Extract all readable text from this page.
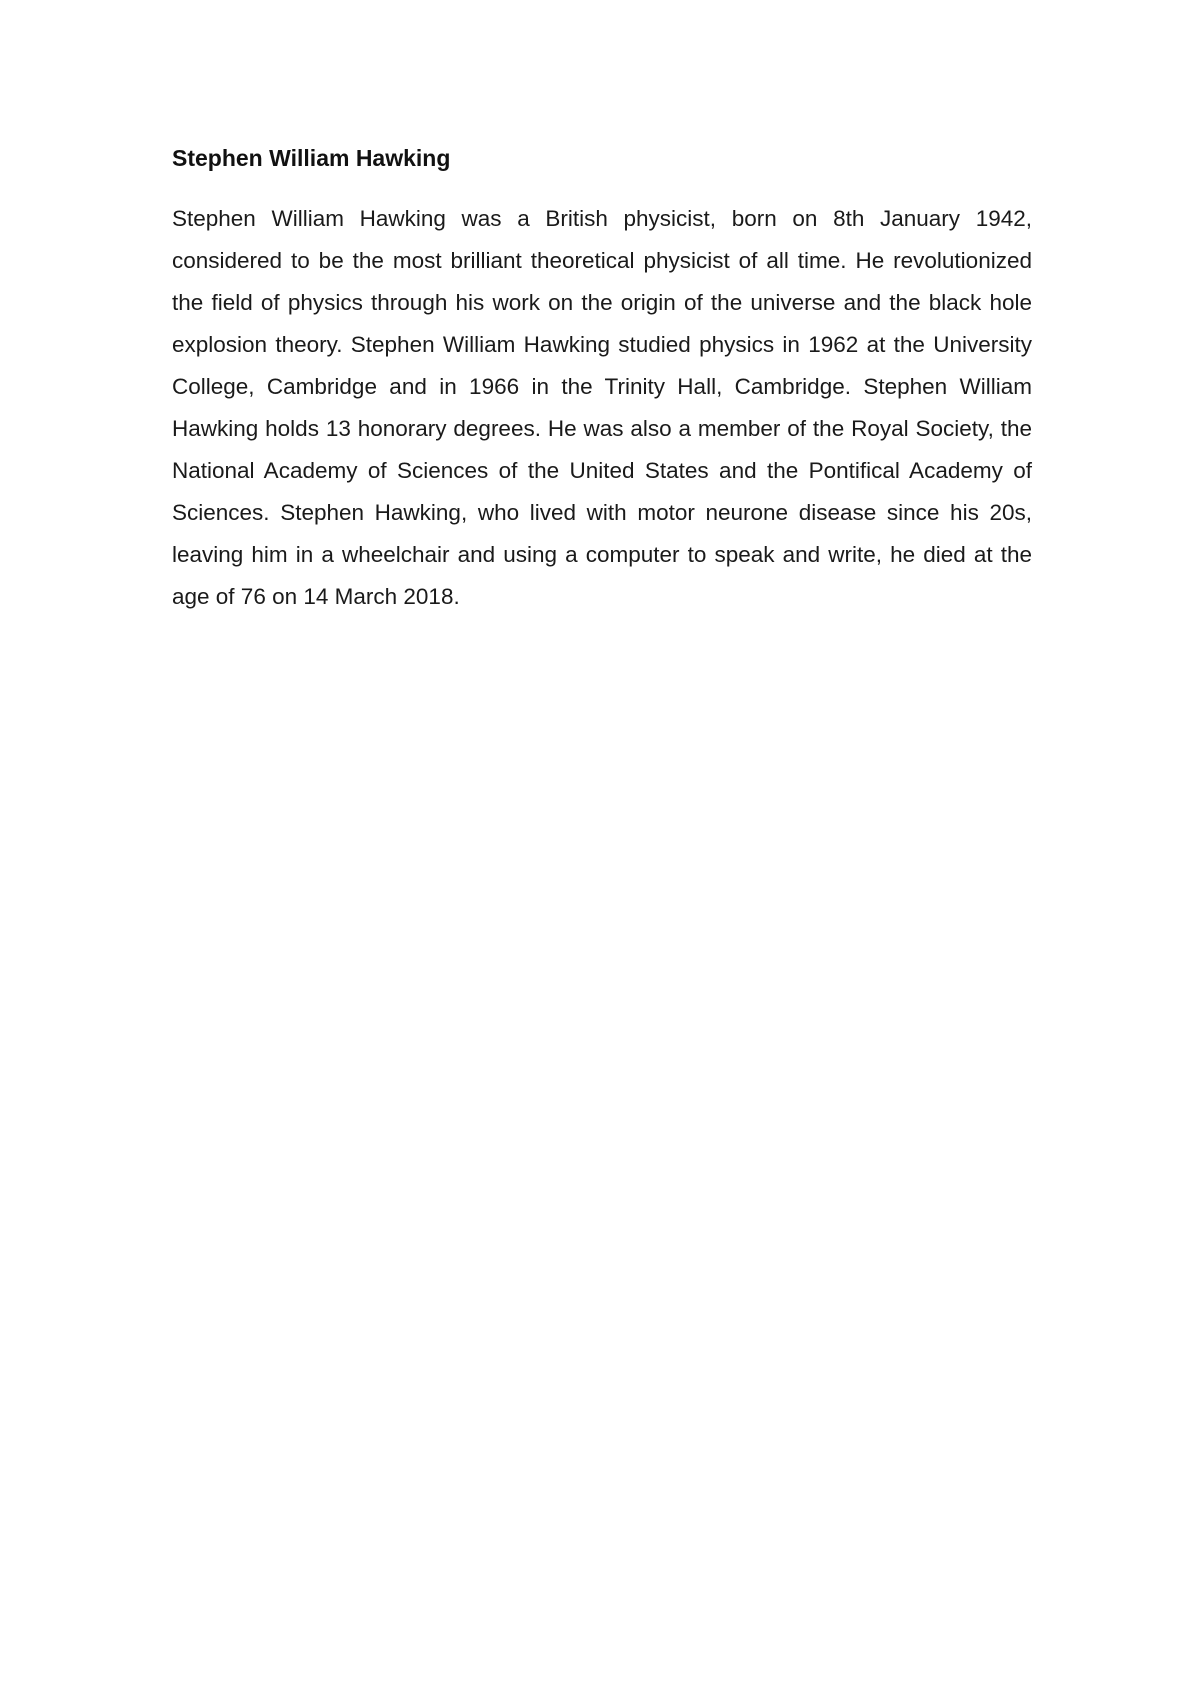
Stephen William Hawking

Stephen William Hawking was a British physicist, born on 8th January 1942, considered to be the most brilliant theoretical physicist of all time. He revolutionized the field of physics through his work on the origin of the universe and the black hole explosion theory. Stephen William Hawking studied physics in 1962 at the University College, Cambridge and in 1966 in the Trinity Hall, Cambridge. Stephen William Hawking holds 13 honorary degrees. He was also a member of the Royal Society, the National Academy of Sciences of the United States and the Pontifical Academy of Sciences. Stephen Hawking, who lived with motor neurone disease since his 20s, leaving him in a wheelchair and using a computer to speak and write, he died at the age of 76 on 14 March 2018.
